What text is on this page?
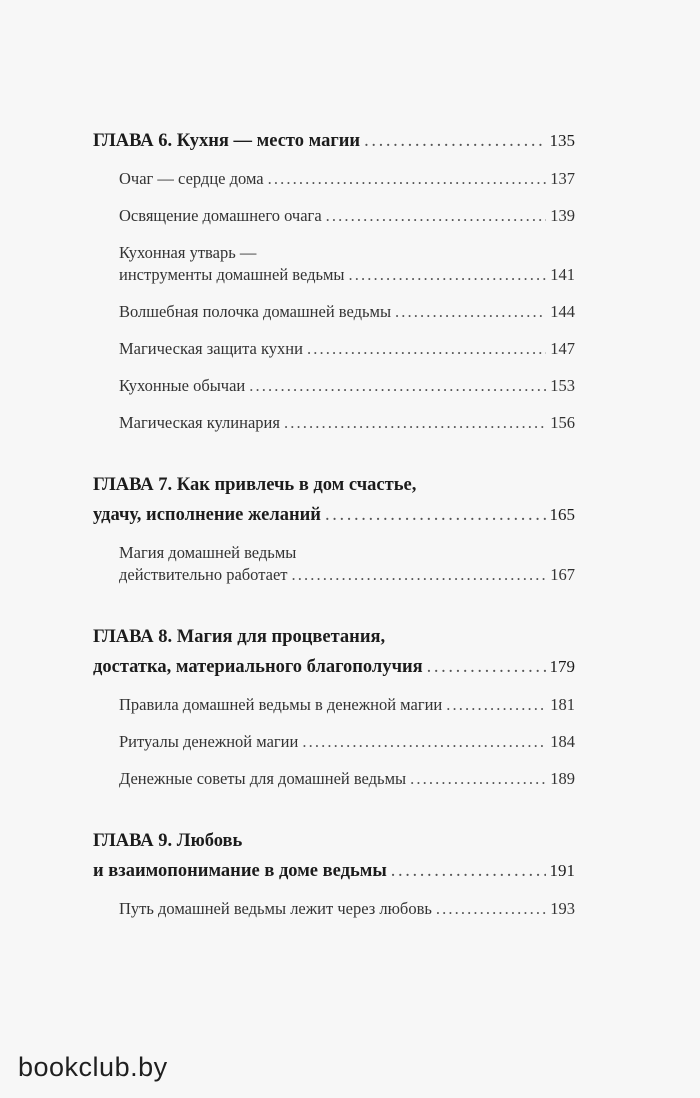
ГЛАВА 6. Кухня — место магии . . .	135
Очаг — сердце дома . . .	137
Освящение домашнего очага . . .	139
Кухонная утварь —
инструменты домашней ведьмы . . .	141
Волшебная полочка домашней ведьмы . . .	144
Магическая защита кухни . . .	147
Кухонные обычаи . . .	153
Магическая кулинария . . .	156
ГЛАВА 7. Как привлечь в дом счастье,
удачу, исполнение желаний . . .	165
Магия домашней ведьмы
действительно работает . . .	167
ГЛАВА 8. Магия для процветания,
достатка, материального благополучия . . .	179
Правила домашней ведьмы в денежной магии . . .	181
Ритуалы денежной магии . . .	184
Денежные советы для домашней ведьмы . . .	189
ГЛАВА 9. Любовь
и взаимопонимание в доме ведьмы . . .	191
Путь домашней ведьмы лежит через любовь . . .	193
bookclub.by
